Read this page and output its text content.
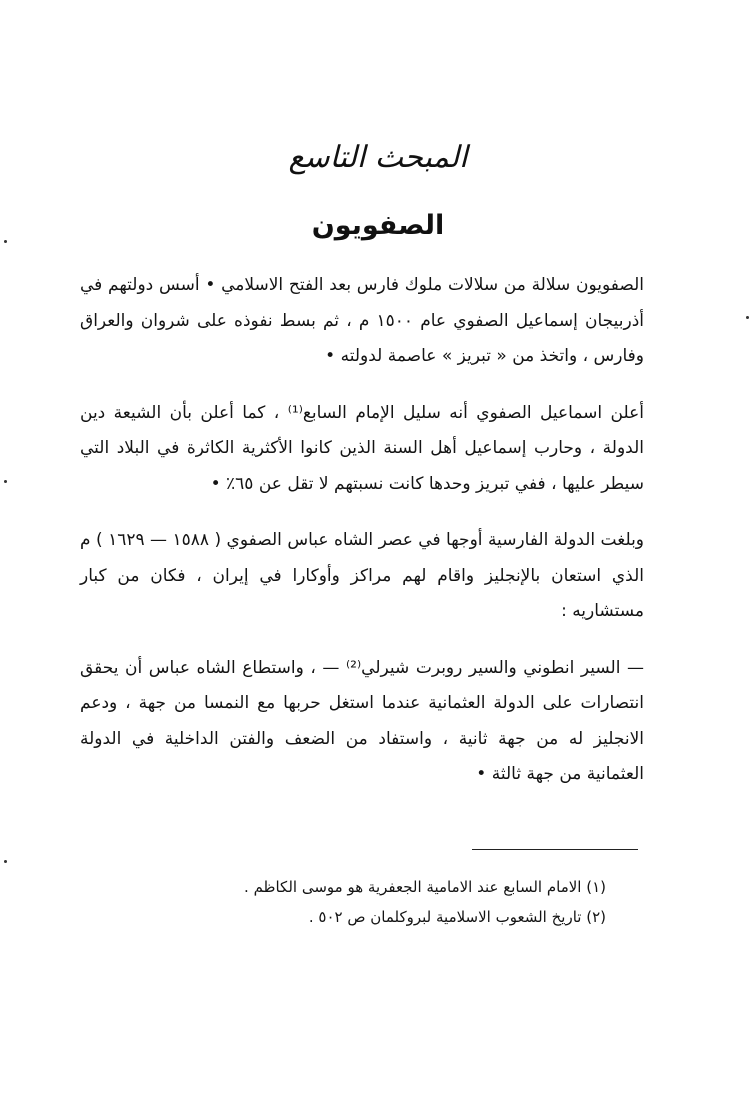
المبحث التاسع
الصفويون

الصفويون سلالة من سلالات ملوك فارس بعد الفتح الاسلامي • أسس دولتهم في أذربيجان إسماعيل الصفوي عام ١٥٠٠ م ، ثم بسط نفوذه على شروان والعراق وفارس ، واتخذ من « تبريز » عاصمة لدولته •

أعلن اسماعيل الصفوي أنه سليل الإمام السابع⁽¹⁾ ، كما أعلن بأن الشيعة دين الدولة ، وحارب إسماعيل أهل السنة الذين كانوا الأكثرية الكاثرة في البلاد التي سيطر عليها ، ففي تبريز وحدها كانت نسبتهم لا تقل عن ٦٥٪ •

وبلغت الدولة الفارسية أوجها في عصر الشاه عباس الصفوي ( ١٥٨٨ — ١٦٢٩ ) م الذي استعان بالإنجليز واقام لهم مراكز وأوكارا في إيران ، فكان من كبار مستشاريه :

— السير انطوني والسير روبرت شيرلي⁽²⁾ — ، واستطاع الشاه عباس أن يحقق انتصارات على الدولة العثمانية عندما استغل حربها مع النمسا من جهة ، ودعم الانجليز له من جهة ثانية ، واستفاد من الضعف والفتن الداخلية في الدولة العثمانية من جهة ثالثة •

(١) الامام السابع عند الامامية الجعفرية هو موسى الكاظم .

(٢) تاريخ الشعوب الاسلامية لبروكلمان ص ٥٠٢ .
